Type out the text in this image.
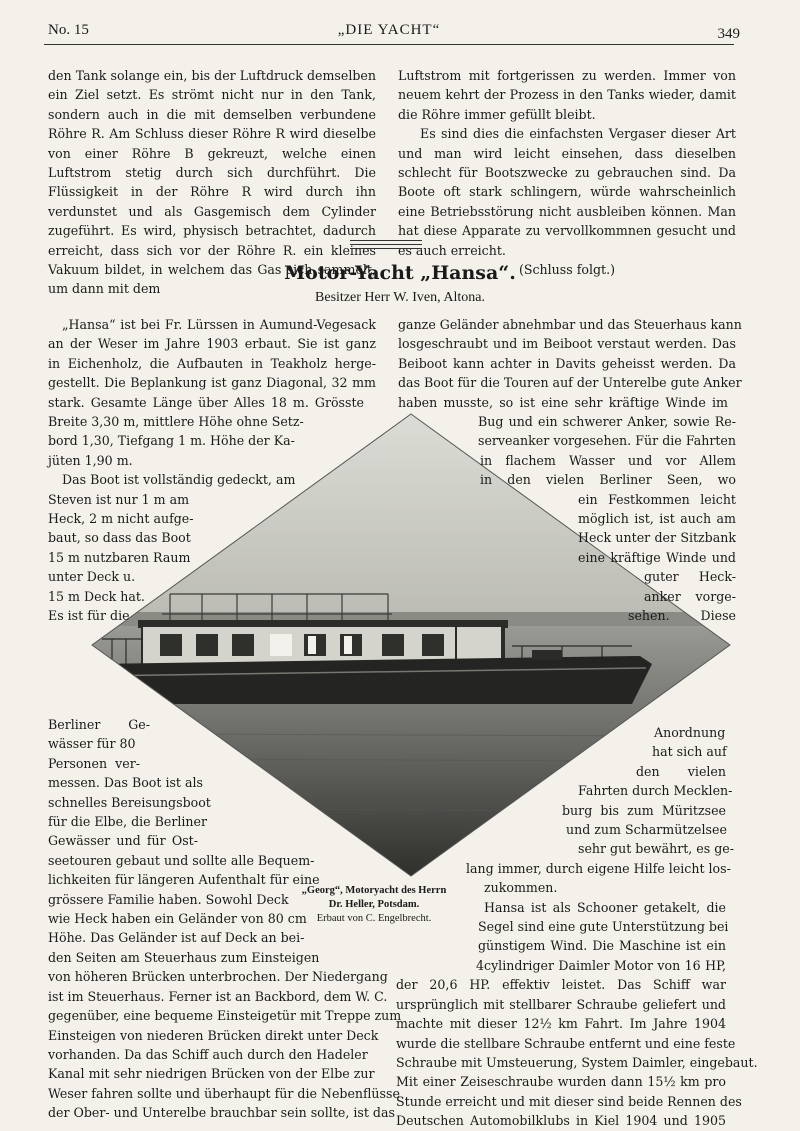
No. 15	„DIE YACHT“	349

den Tank solange ein, bis der Luftdruck demselben ein Ziel setzt. Es strömt nicht nur in den Tank, sondern auch in die mit demselben verbundene Röhre R. Am Schluss dieser Röhre R wird dieselbe von einer Röhre B gekreuzt, welche einen Luftstrom stetig durch sich durchführt. Die Flüssigkeit in der Röhre R wird durch ihn verdunstet und als Gasgemisch dem Cylinder zugeführt. Es wird, physisch betrachtet, dadurch erreicht, dass sich vor der Röhre R. ein kleines Vakuum bildet, in welchem das Gas sich sammelt, um dann mit dem

Luftstrom mit fortgerissen zu werden. Immer von neuem kehrt der Prozess in den Tanks wieder, damit die Röhre immer gefüllt bleibt.

Es sind dies die einfachsten Vergaser dieser Art und man wird leicht einsehen, dass dieselben schlecht für Bootszwecke zu gebrauchen sind. Da Boote oft stark schlingern, würde wahrscheinlich eine Betriebsstörung nicht ausbleiben können. Man hat diese Apparate zu vervollkommnen gesucht und es auch erreicht.

(Schluss folgt.)

Motor-Yacht „Hansa“.
Besitzer Herr W. Iven, Altona.
„Hansa“ ist bei Fr. Lürssen in Aumund-Vegesack
an der Weser im Jahre 1903 erbaut. Sie ist ganz
in Eichenholz, die Aufbauten in Teakholz herge-
gestellt. Die Beplankung ist ganz Diagonal, 32 mm
stark. Gesamte Länge über Alles 18 m. Grösste
Breite 3,30 m, mittlere Höhe ohne Setz-
bord 1,30, Tiefgang 1 m. Höhe der Ka-
jüten 1,90 m.
Das Boot ist vollständig gedeckt, am
Steven ist nur 1 m am
Heck, 2 m nicht aufge-
baut, so dass das Boot
15 m nutzbaren Raum
unter Deck u.
15 m Deck hat.
Es ist für die
ganze Geländer abnehmbar und das Steuerhaus kann
losgeschraubt und im Beiboot verstaut werden. Das
Beiboot kann achter in Davits geheisst werden. Da
das Boot für die Touren auf der Unterelbe gute Anker
haben musste, so ist eine sehr kräftige Winde im
Bug und ein schwerer Anker, sowie Re-
serveanker vorgesehen. Für die Fahrten
in flachem Wasser und vor Allem
in den vielen Berliner Seen, wo
ein Festkommen leicht
möglich ist, ist auch am
Heck unter der Sitzbank
eine kräftige Winde und
guter Heck-
anker vorge-
sehen. Diese
Berliner Ge-
wässer für 80
Personen ver-
messen. Das Boot ist als
schnelles Bereisungsboot
für die Elbe, die Berliner
Gewässer und für Ost-
seetouren gebaut und sollte alle Bequem-
lichkeiten für längeren Aufenthalt für eine
grössere Familie haben. Sowohl Deck
wie Heck haben ein Geländer von 80 cm
Höhe. Das Geländer ist auf Deck an bei-
den Seiten am Steuerhaus zum Einsteigen
von höheren Brücken unterbrochen. Der Niedergang
ist im Steuerhaus. Ferner ist an Backbord, dem W. C.
gegenüber, eine bequeme Einsteigetür mit Treppe zum
Einsteigen von niederen Brücken direkt unter Deck
vorhanden. Da das Schiff auch durch den Hadeler
Kanal mit sehr niedrigen Brücken von der Elbe zur
Weser fahren sollte und überhaupt für die Nebenflüsse
der Ober- und Unterelbe brauchbar sein sollte, ist das
Anordnung
hat sich auf
den vielen
Fahrten durch Mecklen-
burg bis zum Müritzsee
und zum Scharmützelsee
sehr gut bewährt, es ge-
lang immer, durch eigene Hilfe leicht los-
zukommen.
Hansa ist als Schooner getakelt, die
Segel sind eine gute Unterstützung bei
günstigem Wind. Die Maschine ist ein
4cylindriger Daimler Motor von 16 HP,
der 20,6 HP. effektiv leistet. Das Schiff war
ursprünglich mit stellbarer Schraube geliefert und
machte mit dieser 12½ km Fahrt. Im Jahre 1904
wurde die stellbare Schraube entfernt und eine feste
Schraube mit Umsteuerung, System Daimler, eingebaut.
Mit einer Zeiseschraube wurden dann 15½ km pro
Stunde erreicht und mit dieser sind beide Rennen des
Deutschen Automobilklubs in Kiel 1904 und 1905
„Georg“, Motoryacht des Herrn
Dr. Heller, Potsdam.
Erbaut von C. Engelbrecht.
